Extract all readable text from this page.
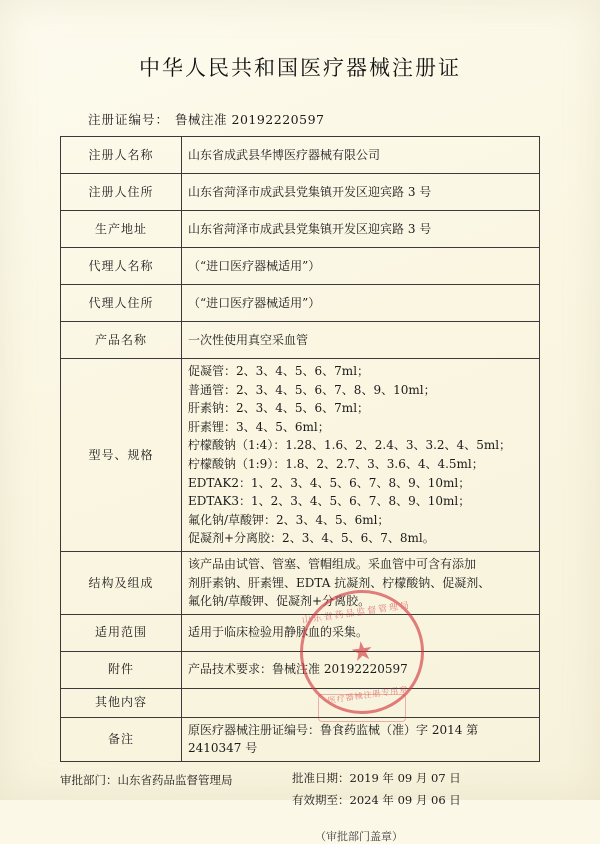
中华人民共和国医疗器械注册证
注册证编号： 鲁械注准 20192220597
注册人名称	山东省成武县华博医疗器械有限公司
注册人住所	山东省菏泽市成武县党集镇开发区迎宾路 3 号
生产地址	山东省菏泽市成武县党集镇开发区迎宾路 3 号
代理人名称	（“进口医疗器械适用”）
代理人住所	（“进口医疗器械适用”）
产品名称	一次性使用真空采血管
型号、规格	
促凝管：2、3、4、5、6、7ml；
普通管：2、3、4、5、6、7、8、9、10ml；
肝素钠：2、3、4、5、6、7ml；
肝素锂：3、4、5、6ml；
柠檬酸钠（1:4）：1.28、1.6、2、2.4、3、3.2、4、5ml；
柠檬酸钠（1:9）：1.8、2、2.7、3、3.6、4、4.5ml；
EDTAK2：1、2、3、4、5、6、7、8、9、10ml；
EDTAK3：1、2、3、4、5、6、7、8、9、10ml；
氟化钠/草酸钾：2、3、4、5、6ml；
促凝剂+分离胶：2、3、4、5、6、7、8ml。

结构及组成	该产品由试管、管塞、管帽组成。采血管中可含有添加
剂肝素钠、肝素锂、EDTA 抗凝剂、柠檬酸钠、促凝剂、
氟化钠/草酸钾、促凝剂+分离胶。

适用范围	适用于临床检验用静脉血的采集。
附件	产品技术要求：鲁械注准 20192220597
其他内容	
备注	原医疗器械注册证编号：鲁食药监械（准）字 2014 第
2410347 号
审批部门：山东省药品监督管理局	批准日期：2019 年 09 月 07 日
有效期至：2024 年 09 月 06 日
（审批部门盖章）
山东省药品监督管理局
★
医疗器械注册专用章
